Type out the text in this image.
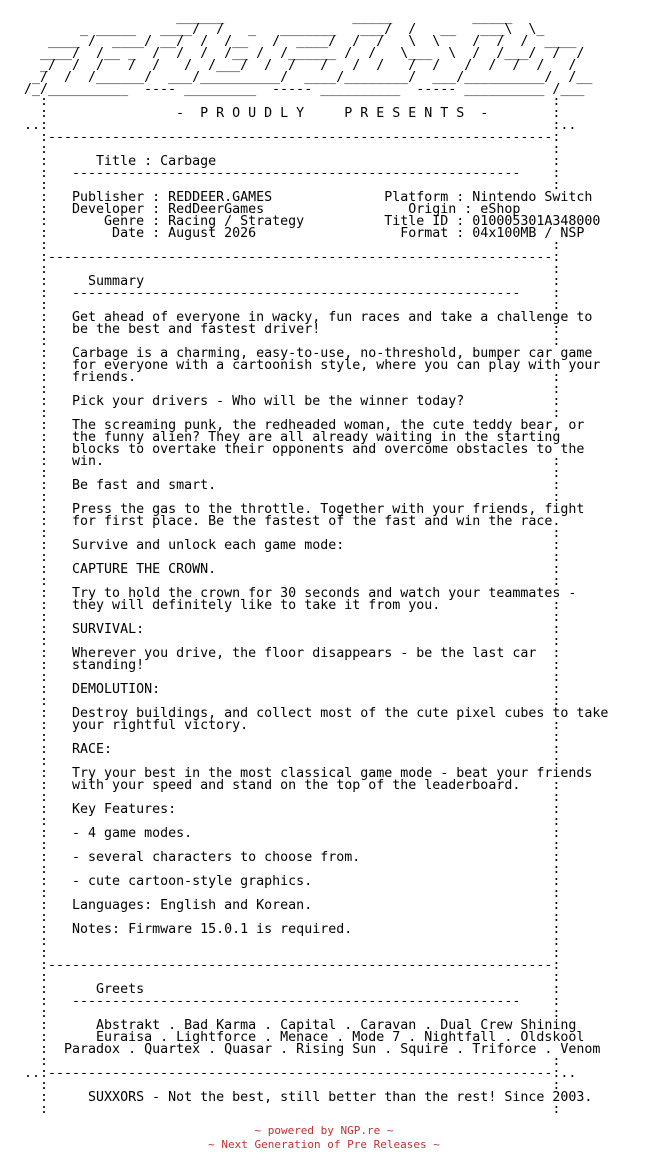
______                _____          _____
_ _____   ____/  /   _   _______   ___/  /   __   ___\  \_
____ /  ____/ __/  /  /__   /  ____/  /  /   \  \    /  /  /  ____
____/  /__ _  /  /  /  /__ /  /______ /  /   \___  \  /  /___/  /  /
_/  /  /   /  /   /  /___/  /  /   /   /  /   /  /   /  /  /  /   /
_/  /  /______/  ___/__________/  ____/________/  ___/__________/  /__
/_/__________  ---- _________  ----- __________  ----- __________ /___
:                                                               :
:                -  P R O U D L Y     P R E S E N T S  -        :
..:                                                               :..
:---------------------------------------------------------------:
:                                                               :
:      Title : Carbage                                          :
:   --------------------------------------------------------    :
:                                                               :
:   Publisher : REDDEER.GAMES              Platform : Nintendo Switch
:   Developer : RedDeerGames                  Origin : eShop
:       Genre : Racing / Strategy          Title ID : 010005301A348000
:        Date : August 2026                  Format : 04x100MB / NSP
:                                                               :
:---------------------------------------------------------------:
:                                                               :
:     Summary                                                   :
:   --------------------------------------------------------    :
:                                                               :
:   Get ahead of everyone in wacky, fun races and take a challenge to
:   be the best and fastest driver!                             :
:                                                               :
:   Carbage is a charming, easy-to-use, no-threshold, bumper car game
:   for everyone with a cartoonish style, where you can play with your
:   friends.                                                    :
:                                                               :
:   Pick your drivers - Who will be the winner today?           :
:                                                               :
:   The screaming punk, the redheaded woman, the cute teddy bear, or
:   the funny alien? They are all already waiting in the starting
:   blocks to overtake their opponents and overcome obstacles to the
:   win.                                                        :
:                                                               :
:   Be fast and smart.                                          :
:                                                               :
:   Press the gas to the throttle. Together with your friends, fight
:   for first place. Be the fastest of the fast and win the race.
:                                                               :
:   Survive and unlock each game mode:                          :
:                                                               :
:   CAPTURE THE CROWN.                                          :
:                                                               :
:   Try to hold the crown for 30 seconds and watch your teammates -
:   they will definitely like to take it from you.              :
:                                                               :
:   SURVIVAL:                                                   :
:                                                               :
:   Wherever you drive, the floor disappears - be the last car  :
:   standing!                                                   :
:                                                               :
:   DEMOLUTION:                                                 :
:                                                               :
:   Destroy buildings, and collect most of the cute pixel cubes to take
:   your rightful victory.                                      :
:                                                               :
:   RACE:                                                       :
:                                                               :
:   Try your best in the most classical game mode - beat your friends
:   with your speed and stand on the top of the leaderboard.    :
:                                                               :
:   Key Features:                                               :
:                                                               :
:   - 4 game modes.                                             :
:                                                               :
:   - several characters to choose from.                        :
:                                                               :
:   - cute cartoon-style graphics.                              :
:                                                               :
:   Languages: English and Korean.                              :
:                                                               :
:   Notes: Firmware 15.0.1 is required.                         :
:                                                               :
:                                                               :
:---------------------------------------------------------------:
:                                                               :
:      Greets                                                   :
:   --------------------------------------------------------    :
:                                                               :
:      Abstrakt . Bad Karma . Capital . Caravan . Dual Crew Shining
:      Euraisa . Lightforce . Menace . Mode 7 . Nightfall . Oldskool
:  Paradox . Quartex . Quasar . Rising Sun . Squire . Triforce . Venom
:                                                               :
..:---------------------------------------------------------------:..
:                                                               :
:     SUXXORS - Not the best, still better than the rest! Since 2003.
:                                                               :

~ powered by NGP.re ~
~ Next Generation of Pre Releases ~
